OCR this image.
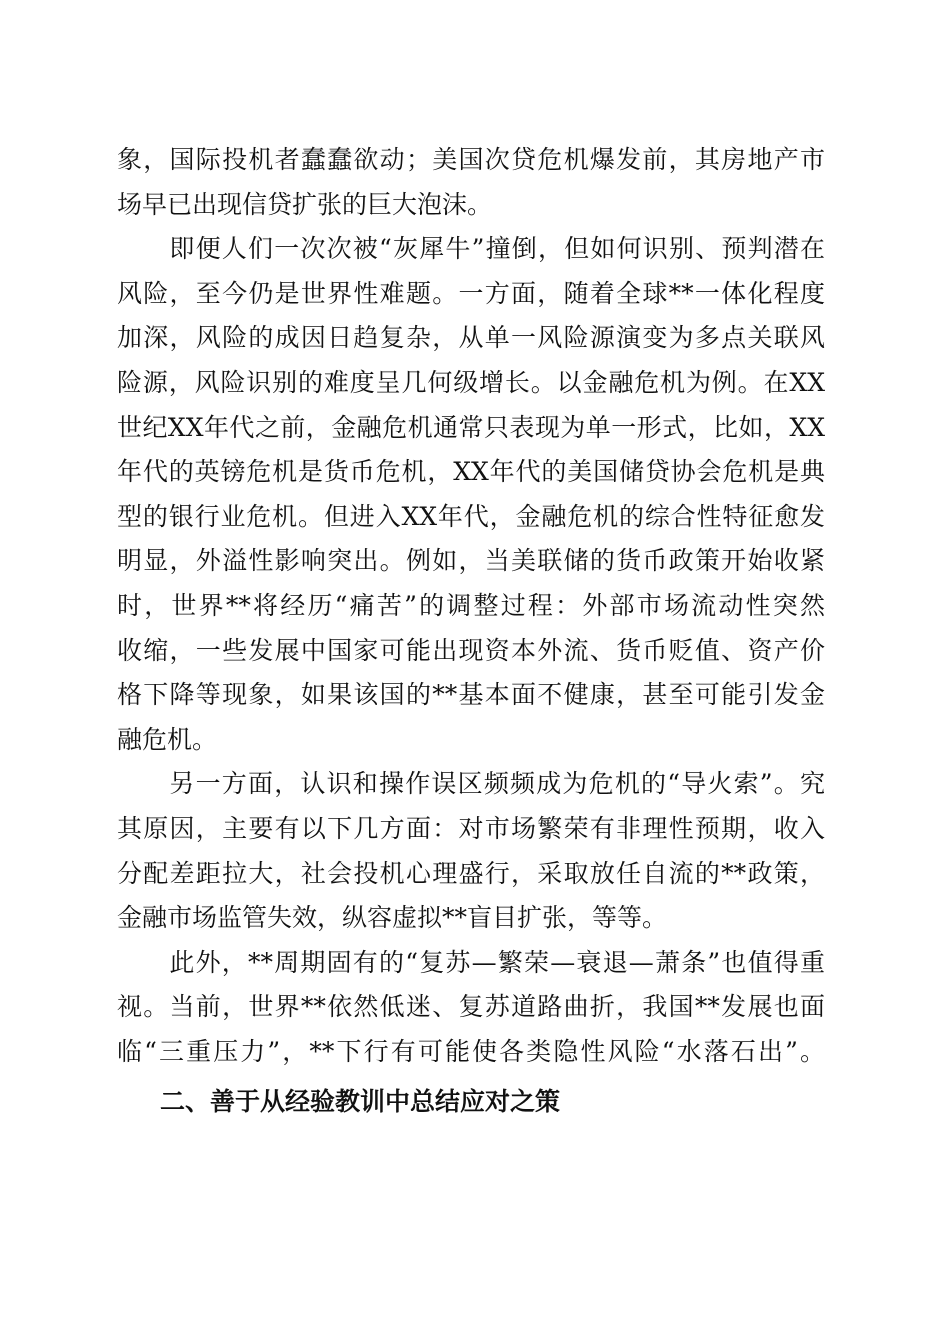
象，国际投机者蠢蠢欲动；美国次贷危机爆发前，其房地产市
场早已出现信贷扩张的巨大泡沫。
　　即便人们一次次被“灰犀牛”撞倒，但如何识别、预判潜在
风险，至今仍是世界性难题。一方面，随着全球**一体化程度
加深，风险的成因日趋复杂，从单一风险源演变为多点关联风
险源，风险识别的难度呈几何级增长。以金融危机为例。在XX
世纪XX年代之前，金融危机通常只表现为单一形式，比如，XX
年代的英镑危机是货币危机，XX年代的美国储贷协会危机是典
型的银行业危机。但进入XX年代，金融危机的综合性特征愈发
明显，外溢性影响突出。例如，当美联储的货币政策开始收紧
时，世界**将经历“痛苦”的调整过程：外部市场流动性突然
收缩，一些发展中国家可能出现资本外流、货币贬值、资产价
格下降等现象，如果该国的**基本面不健康，甚至可能引发金
融危机。
　　另一方面，认识和操作误区频频成为危机的“导火索”。究
其原因，主要有以下几方面：对市场繁荣有非理性预期，收入
分配差距拉大，社会投机心理盛行，采取放任自流的**政策，
金融市场监管失效，纵容虚拟**盲目扩张，等等。
　　此外，**周期固有的“复苏—繁荣—衰退—萧条”也值得重
视。当前，世界**依然低迷、复苏道路曲折，我国**发展也面
临“三重压力”，**下行有可能使各类隐性风险“水落石出”。
二、善于从经验教训中总结应对之策
